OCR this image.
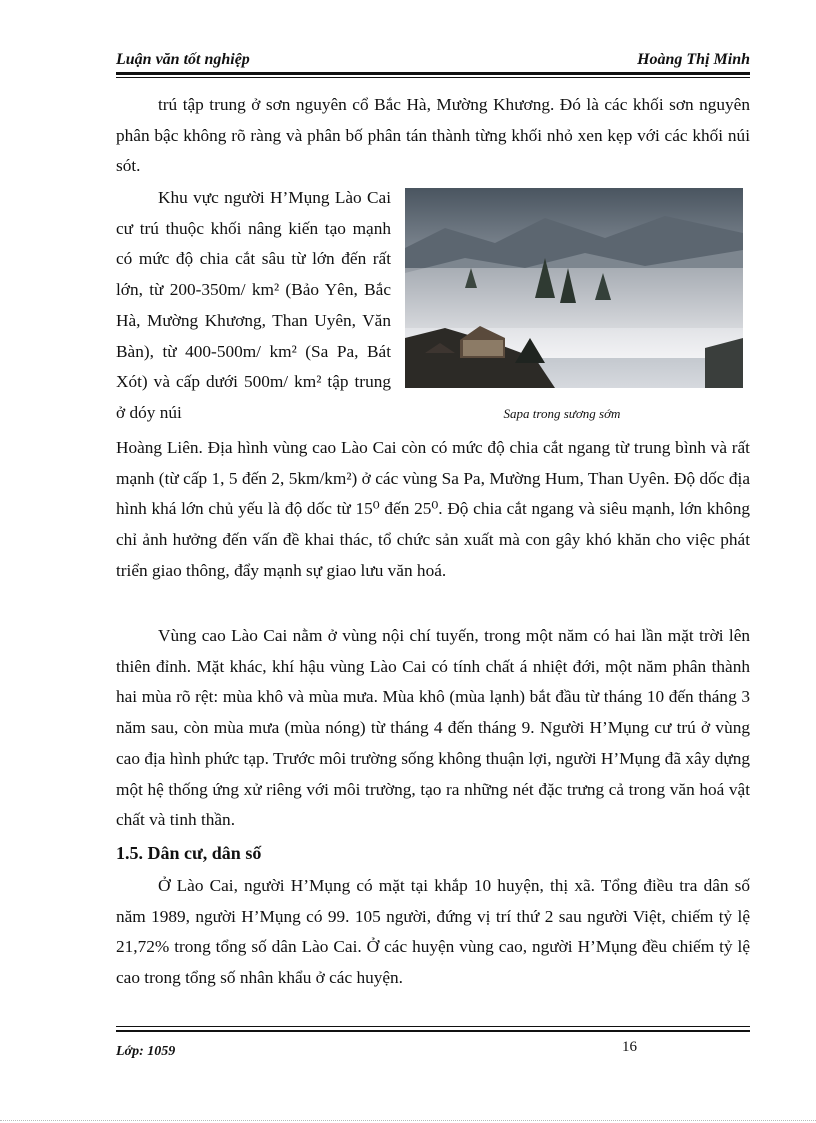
Luận văn tốt nghiệp	Hoàng Thị Minh

trú tập trung ở sơn nguyên cổ Bắc Hà, Mường Khương. Đó là các khối sơn nguyên phân bậc không rõ ràng và phân bố phân tán thành từng khối nhỏ xen kẹp với các khối núi sót.

Khu vực người H’Mụng Lào Cai cư trú thuộc khối nâng kiến tạo mạnh có mức độ chia cắt sâu từ lớn đến rất lớn, từ 200-350m/ km² (Bảo Yên, Bắc Hà, Mường Khương, Than Uyên, Văn Bàn), từ 400-500m/ km² (Sa Pa, Bát Xót) và cấp dưới 500m/ km² tập trung ở dóy núi	Sapa trong sương sớm

Hoàng Liên. Địa hình vùng cao Lào Cai còn có mức độ chia cắt ngang từ trung bình và rất mạnh (từ cấp 1, 5 đến 2, 5km/km²) ở các vùng Sa Pa, Mường Hum, Than Uyên. Độ dốc địa hình khá lớn chủ yếu là độ dốc từ 15⁰ đến 25⁰. Độ chia cắt ngang và siêu mạnh, lớn không chỉ ảnh hưởng đến vấn đề khai thác, tổ chức sản xuất mà con gây khó khăn cho việc phát triển giao thông, đẩy mạnh sự giao lưu văn hoá.

Vùng cao Lào Cai nằm ở vùng nội chí tuyến, trong một năm có hai lần mặt trời lên thiên đỉnh. Mặt khác, khí hậu vùng Lào Cai có tính chất á nhiệt đới, một năm phân thành hai mùa rõ rệt: mùa khô và mùa mưa. Mùa khô (mùa lạnh) bắt đầu từ tháng 10 đến tháng 3 năm sau, còn mùa mưa (mùa nóng) từ tháng 4 đến tháng 9. Người H’Mụng cư trú ở vùng cao địa hình phức tạp. Trước môi trường sống không thuận lợi, người H’Mụng đã xây dựng một hệ thống ứng xử riêng với môi trường, tạo ra những nét đặc trưng cả trong văn hoá vật chất và tinh thần.

1.5. Dân cư, dân số

Ở Lào Cai, người H’Mụng có mặt tại khắp 10 huyện, thị xã. Tổng điều tra dân số năm 1989, người H’Mụng có 99. 105 người, đứng vị trí thứ 2 sau người Việt, chiếm tỷ lệ 21,72% trong tổng số dân Lào Cai. Ở các huyện vùng cao, người H’Mụng đều chiếm tỷ lệ cao trong tổng số nhân khẩu ở các huyện.

Lớp: 1059	16
